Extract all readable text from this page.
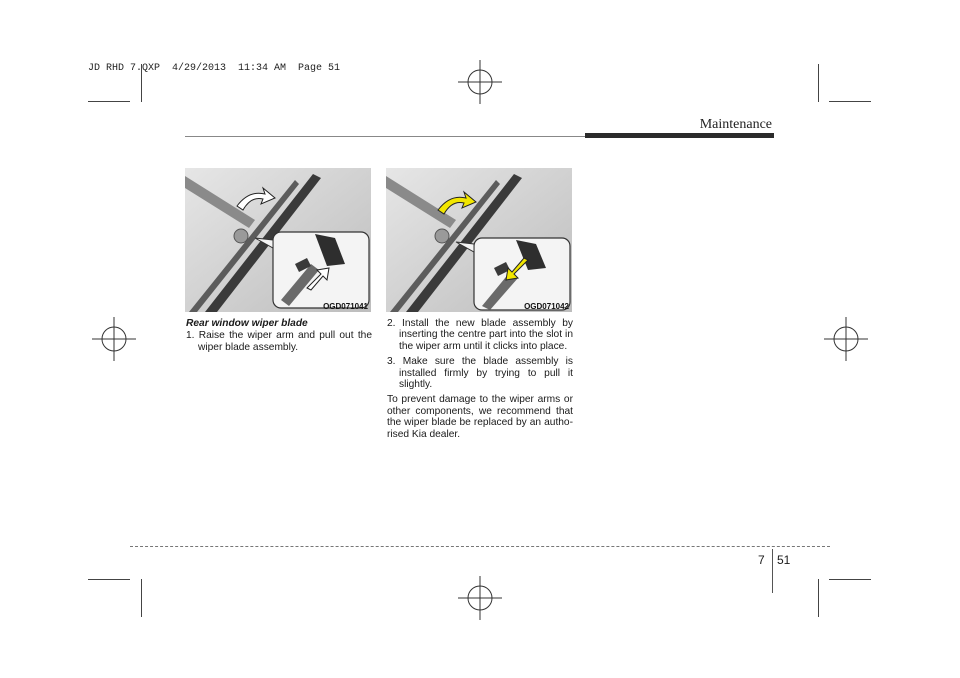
JD RHD 7.QXP  4/29/2013  11:34 AM  Page 51
Maintenance
OGD071041	OGD071042
Rear window wiper blade

1. Raise the wiper arm and pull out the wiper blade assembly.

2. Install the new blade assembly by inserting the centre part into the slot in the wiper arm until it clicks into place.

3. Make sure the blade assembly is installed firmly by trying to pull it slightly.

To prevent damage to the wiper arms or other components, we recommend that the wiper blade be replaced by an autho-rised Kia dealer.

7 51
